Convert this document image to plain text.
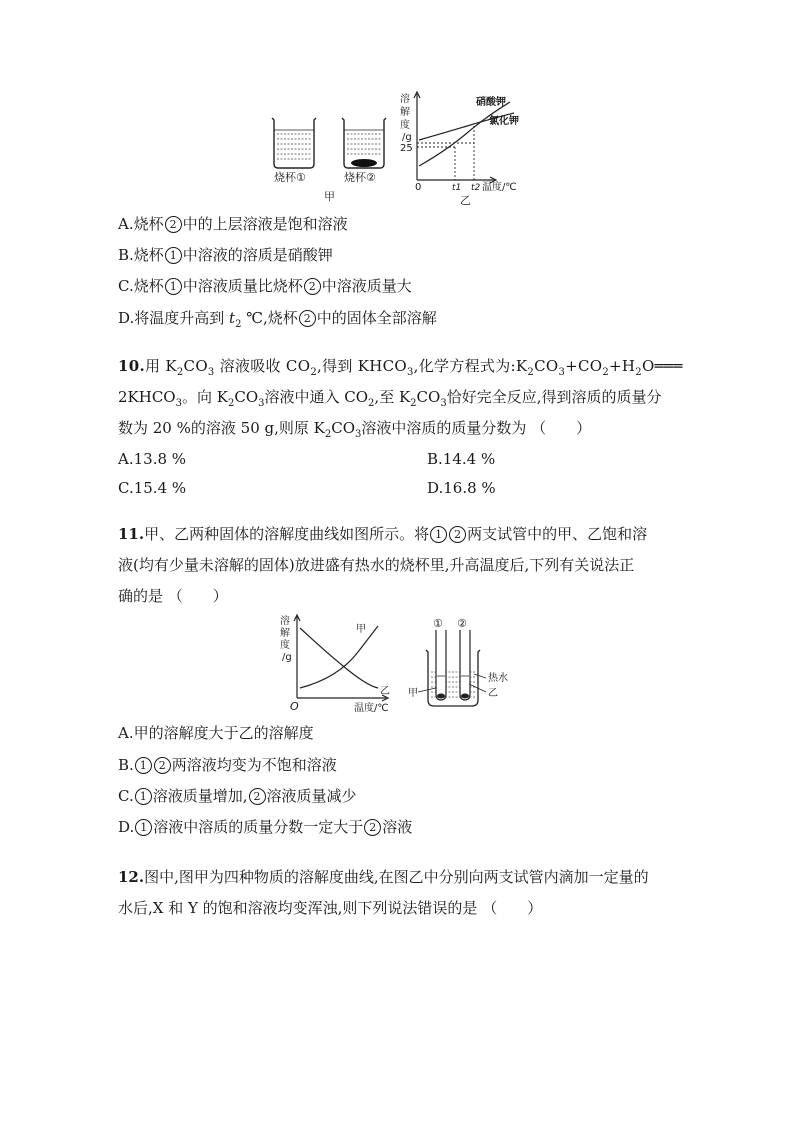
烧杯①	烧杯②
甲
溶
解
度
/g
25
0	t1 t2 温度/℃
硝酸钾
氯化钾
乙
A.烧杯 2 中的上层溶液是饱和溶液
B.烧杯 1 中溶液的溶质是硝酸钾
C.烧杯 1 中溶液质量比烧杯 2 中溶液质量大
D.将温度升高到 $t_2$ ℃,烧杯 2 中的固体全部溶解
10.用 $K_2CO_3$ 溶液吸收 $CO_2$,得到 $KHCO_3$,化学方程式为$:K_2CO_3+CO_2+H_2O═══$
$2KHCO_3$。向 $K_2CO_3$溶液中通入 $CO_2$,至 $K_2CO_3$恰好完全反应,得到溶质的质量分
数为 20 %的溶液 50 g,则原 $K_2CO_3$溶液中溶质的质量分数为 （　　）
A.13.8 %	B.14.4 %
C.15.4 %	D.16.8 %
11.甲、乙两种固体的溶解度曲线如图所示。将 1 2 两支试管中的甲、乙饱和溶
液(均有少量未溶解的固体)放进盛有热水的烧杯里,升高温度后,下列有关说法正
确的是 （　　）
溶
解
度
/g
甲
乙
O	温度/℃
① ②
热水
乙
甲
A.甲的溶解度大于乙的溶解度
B. 1 2 两溶液均变为不饱和溶液
C. 1 溶液质量增加, 2 溶液质量减少
D. 1 溶液中溶质的质量分数一定大于 2 溶液
12.图中,图甲为四种物质的溶解度曲线,在图乙中分别向两支试管内滴加一定量的
水后,X 和 Y 的饱和溶液均变浑浊,则下列说法错误的是 （　　）
